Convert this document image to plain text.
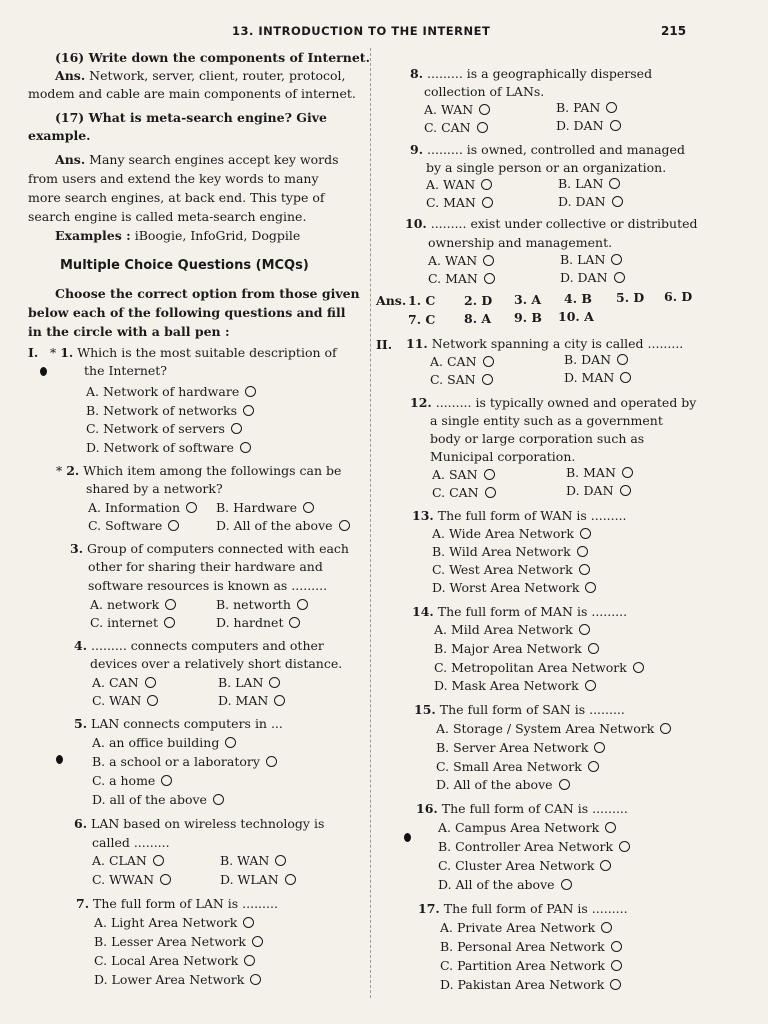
13. INTRODUCTION TO THE INTERNET	215
(16) Write down the components of Internet.
Ans. Network, server, client, router, protocol,
modem and cable are main components of internet.
(17) What is meta-search engine? Give
example.
Ans. Many search engines accept key words
from users and extend the key words to many
more search engines, at back end. This type of
search engine is called meta-search engine.
Examples : iBoogie, InfoGrid, Dogpile
Multiple Choice Questions (MCQs)
Choose the correct option from those given
below each of the following questions and fill
in the circle with a ball pen :
I. * 1. Which is the most suitable description of
the Internet?
A. Network of hardware
B. Network of networks
C. Network of servers
D. Network of software
* 2. Which item among the followings can be
shared by a network?
A. Information	B. Hardware
C. Software	D. All of the above
3. Group of computers connected with each
other for sharing their hardware and
software resources is known as .........
A. network	B. networth
C. internet	D. hardnet
4. ......... connects computers and other
devices over a relatively short distance.
A. CAN	B. LAN
C. WAN	D. MAN
5. LAN connects computers in ...
A. an office building
B. a school or a laboratory
C. a home
D. all of the above
6. LAN based on wireless technology is
called .........
A. CLAN	B. WAN
C. WWAN	D. WLAN
7. The full form of LAN is .........
A. Light Area Network
B. Lesser Area Network
C. Local Area Network
D. Lower Area Network
8. ......... is a geographically dispersed
collection of LANs.
A. WAN	B. PAN
C. CAN	D. DAN
9. ......... is owned, controlled and managed
by a single person or an organization.
A. WAN	B. LAN
C. MAN	D. DAN
10. ......... exist under collective or distributed
ownership and management.
A. WAN	B. LAN
C. MAN	D. DAN
Ans. 1. C 2. D 3. A 4. B 5. D 6. D
7. C 8. A 9. B 10. A
II. 11. Network spanning a city is called .........
A. CAN	B. DAN
C. SAN	D. MAN
12. ......... is typically owned and operated by
a single entity such as a government
body or large corporation such as
Municipal corporation.
A. SAN	B. MAN
C. CAN	D. DAN
13. The full form of WAN is .........
A. Wide Area Network
B. Wild Area Network
C. West Area Network
D. Worst Area Network
14. The full form of MAN is .........
A. Mild Area Network
B. Major Area Network
C. Metropolitan Area Network
D. Mask Area Network
15. The full form of SAN is .........
A. Storage / System Area Network
B. Server Area Network
C. Small Area Network
D. All of the above
16. The full form of CAN is .........
A. Campus Area Network
B. Controller Area Network
C. Cluster Area Network
D. All of the above
17. The full form of PAN is .........
A. Private Area Network
B. Personal Area Network
C. Partition Area Network
D. Pakistan Area Network
